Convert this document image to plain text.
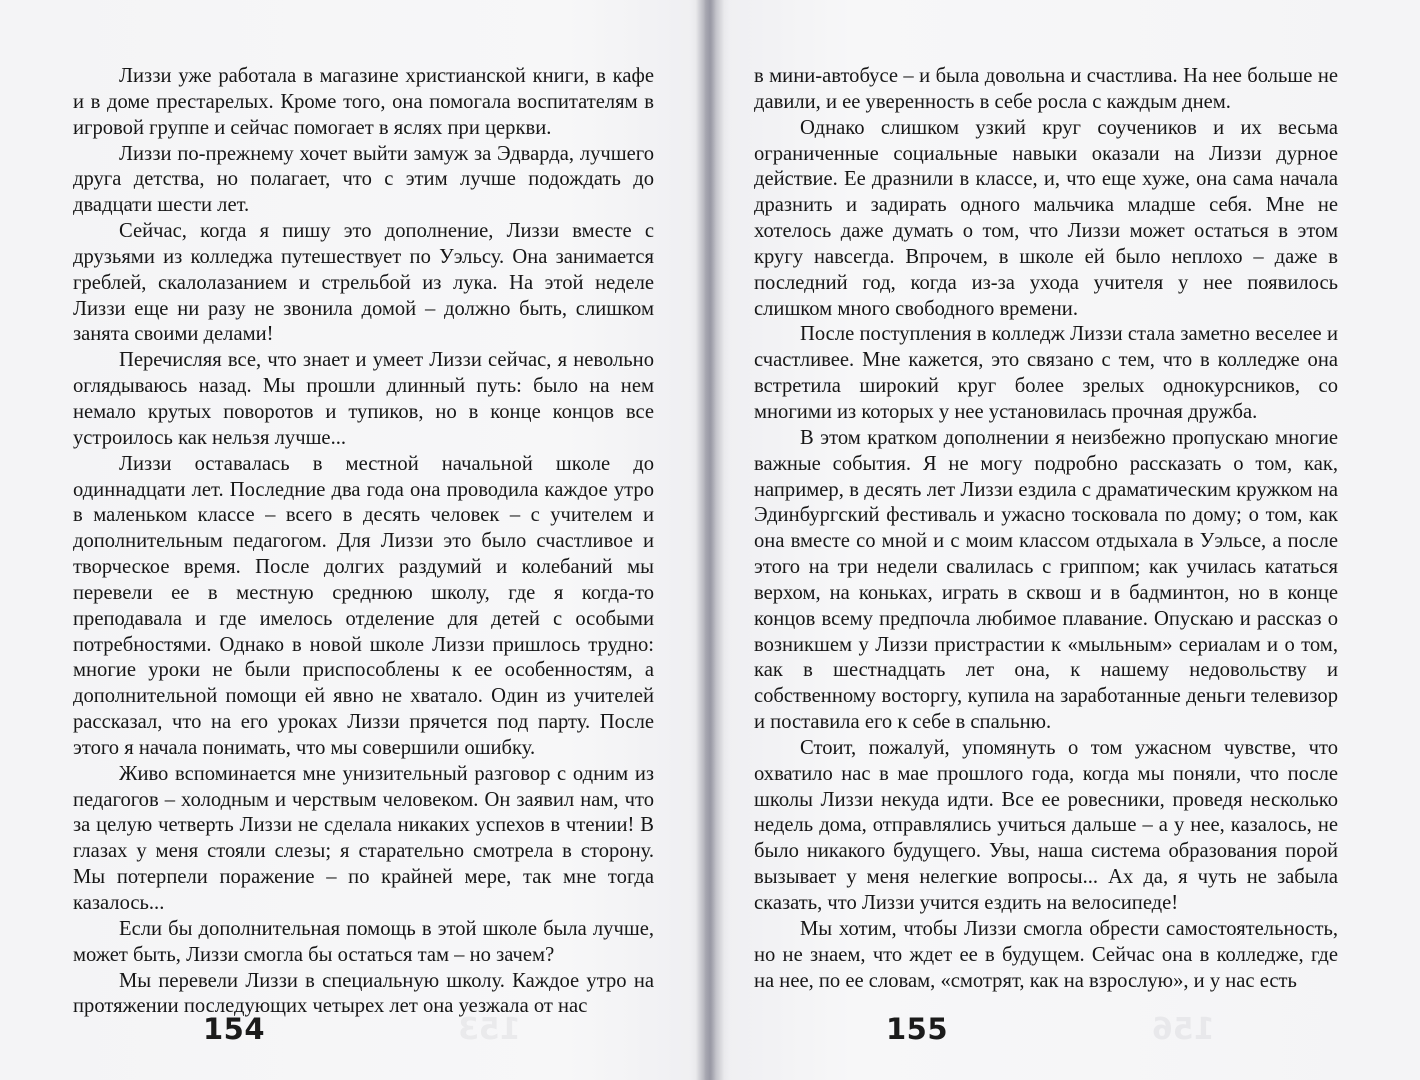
Лиззи уже работала в магазине христианской книги, в кафе и в доме престарелых. Кроме того, она помогала воспитателям в игровой группе и сейчас помогает в яслях при церкви.

Лиззи по-прежнему хочет выйти замуж за Эдварда, лучшего друга детства, но полагает, что с этим лучше подождать до двадцати шести лет.

Сейчас, когда я пишу это дополнение, Лиззи вместе с друзьями из колледжа путешествует по Уэльсу. Она занимается греблей, скалолазанием и стрельбой из лука. На этой неделе Лиззи еще ни разу не звонила домой – должно быть, слишком занята своими делами!

Перечисляя все, что знает и умеет Лиззи сейчас, я невольно оглядываюсь назад. Мы прошли длинный путь: было на нем немало крутых поворотов и тупиков, но в конце концов все устроилось как нельзя лучше...

Лиззи оставалась в местной начальной школе до одиннадцати лет. Последние два года она проводила каждое утро в маленьком классе – всего в десять человек – с учителем и дополнительным педагогом. Для Лиззи это было счастливое и творческое время. После долгих раздумий и колебаний мы перевели ее в местную среднюю школу, где я когда-то преподавала и где имелось отделение для детей с особыми потребностями. Однако в новой школе Лиззи пришлось трудно: многие уроки не были приспособлены к ее особенностям, а дополнительной помощи ей явно не хватало. Один из учителей рассказал, что на его уроках Лиззи прячется под парту. После этого я начала понимать, что мы совершили ошибку.

Живо вспоминается мне унизительный разговор с одним из педагогов – холодным и черствым человеком. Он заявил нам, что за целую четверть Лиззи не сделала никаких успехов в чтении! В глазах у меня стояли слезы; я старательно смотрела в сторону. Мы потерпели поражение – по крайней мере, так мне тогда казалось...

Если бы дополнительная помощь в этой школе была лучше, может быть, Лиззи смогла бы остаться там – но зачем?

Мы перевели Лиззи в специальную школу. Каждое утро на протяжении последующих четырех лет она уезжала от нас

153
154

в мини-автобусе – и была довольна и счастлива. На нее больше не давили, и ее уверенность в себе росла с каждым днем.

Однако слишком узкий круг соучеников и их весьма ограниченные социальные навыки оказали на Лиззи дурное действие. Ее дразнили в классе, и, что еще хуже, она сама начала дразнить и задирать одного мальчика младше себя. Мне не хотелось даже думать о том, что Лиззи может остаться в этом кругу навсегда. Впрочем, в школе ей было неплохо – даже в последний год, когда из-за ухода учителя у нее появилось слишком много свободного времени.

После поступления в колледж Лиззи стала заметно веселее и счастливее. Мне кажется, это связано с тем, что в колледже она встретила широкий круг более зрелых однокурсников, со многими из которых у нее установилась прочная дружба.

В этом кратком дополнении я неизбежно пропускаю многие важные события. Я не могу подробно рассказать о том, как, например, в десять лет Лиззи ездила с драматическим кружком на Эдинбургский фестиваль и ужасно тосковала по дому; о том, как она вместе со мной и с моим классом отдыхала в Уэльсе, а после этого на три недели свалилась с гриппом; как училась кататься верхом, на коньках, играть в сквош и в бадминтон, но в конце концов всему предпочла любимое плавание. Опускаю и рассказ о возникшем у Лиззи пристрастии к «мыльным» сериалам и о том, как в шестнадцать лет она, к нашему недовольству и собственному восторгу, купила на заработанные деньги телевизор и поставила его к себе в спальню.

Стоит, пожалуй, упомянуть о том ужасном чувстве, что охватило нас в мае прошлого года, когда мы поняли, что после школы Лиззи некуда идти. Все ее ровесники, проведя несколько недель дома, отправлялись учиться дальше – а у нее, казалось, не было никакого будущего. Увы, наша система образования порой вызывает у меня нелегкие вопросы... Ах да, я чуть не забыла сказать, что Лиззи учится ездить на велосипеде!

Мы хотим, чтобы Лиззи смогла обрести самостоятельность, но не знаем, что ждет ее в будущем. Сейчас она в колледже, где на нее, по ее словам, «смотрят, как на взрослую», и у нас есть

156
155
